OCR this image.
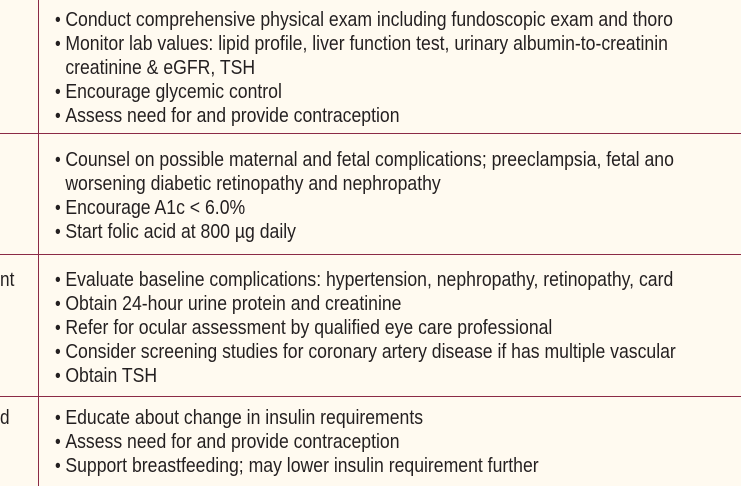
• Conduct comprehensive physical exam including fundoscopic exam and thoro
• Monitor lab values: lipid profile, liver function test, urinary albumin-to-creatinin
creatinine & eGFR, TSH
• Encourage glycemic control
• Assess need for and provide contraception
• Counsel on possible maternal and fetal complications; preeclampsia, fetal ano
worsening diabetic retinopathy and nephropathy
• Encourage A1c < 6.0%
• Start folic acid at 800 µg daily
nt • Evaluate baseline complications: hypertension, nephropathy, retinopathy, card
• Obtain 24-hour urine protein and creatinine
• Refer for ocular assessment by qualified eye care professional
• Consider screening studies for coronary artery disease if has multiple vascular
• Obtain TSH
d • Educate about change in insulin requirements
• Assess need for and provide contraception
• Support breastfeeding; may lower insulin requirement further
